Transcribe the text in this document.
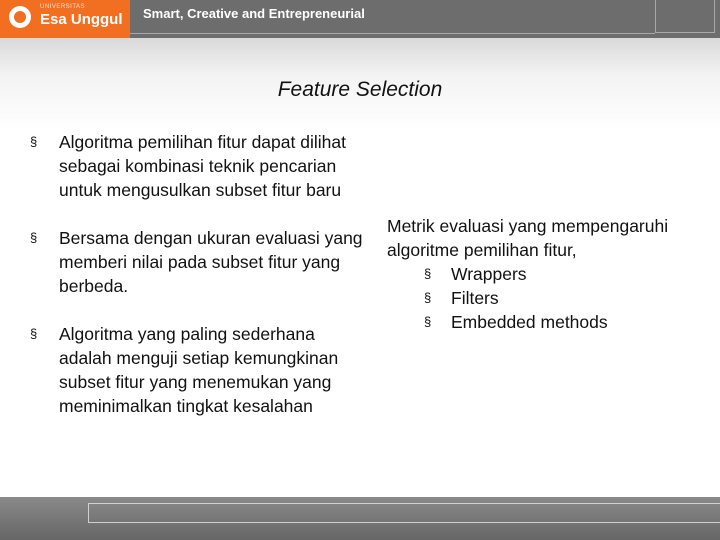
UNIVERSITAS
Esa Unggul Smart, Creative and Entrepreneurial
Feature Selection
§ Algoritma pemilihan fitur dapat dilihat sebagai kombinasi teknik pencarian untuk mengusulkan subset fitur baru
§ Bersama dengan ukuran evaluasi yang memberi nilai pada subset fitur yang berbeda.
§ Algoritma yang paling sederhana adalah menguji setiap kemungkinan subset fitur yang menemukan yang meminimalkan tingkat kesalahan
Metrik evaluasi yang mempengaruhi algoritme pemilihan fitur,
§ Wrappers
§ Filters
§ Embedded methods
